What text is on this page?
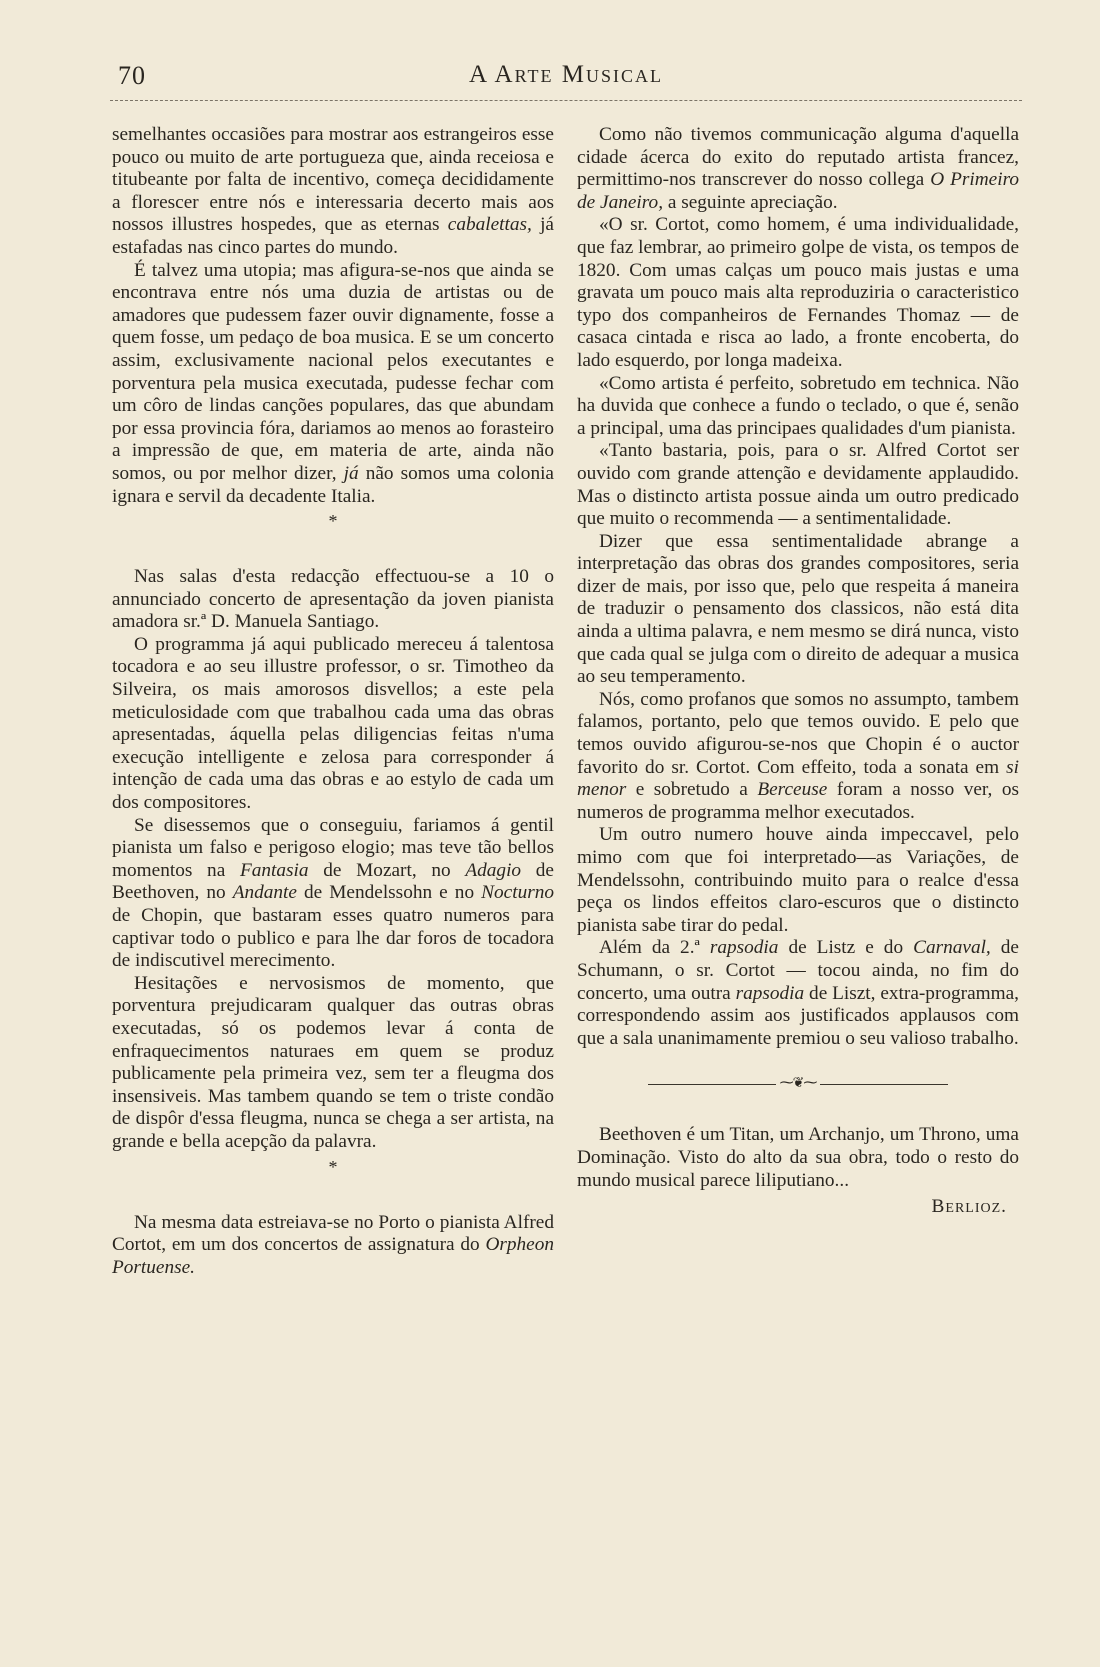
70	A Arte Musical

semelhantes occasiões para mostrar aos estrangeiros esse pouco ou muito de arte portugueza que, ainda receiosa e titubeante por falta de incentivo, começa decididamente a florescer entre nós e interessaria decerto mais aos nossos illustres hospedes, que as eternas cabalettas, já estafadas nas cinco partes do mundo.

É talvez uma utopia; mas afigura-se-nos que ainda se encontrava entre nós uma duzia de artistas ou de amadores que pudessem fazer ouvir dignamente, fosse a quem fosse, um pedaço de boa musica. E se um concerto assim, exclusivamente nacional pelos executantes e porventura pela musica executada, pudesse fechar com um côro de lindas canções populares, das que abundam por essa provincia fóra, dariamos ao menos ao forasteiro a impressão de que, em materia de arte, ainda não somos, ou por melhor dizer, já não somos uma colonia ignara e servil da decadente Italia.

*

Nas salas d'esta redacção effectuou-se a 10 o annunciado concerto de apresentação da joven pianista amadora sr.ª D. Manuela Santiago.

O programma já aqui publicado mereceu á talentosa tocadora e ao seu illustre professor, o sr. Timotheo da Silveira, os mais amorosos disvellos; a este pela meticulosidade com que trabalhou cada uma das obras apresentadas, áquella pelas diligencias feitas n'uma execução intelligente e zelosa para corresponder á intenção de cada uma das obras e ao estylo de cada um dos compositores.

Se disessemos que o conseguiu, fariamos á gentil pianista um falso e perigoso elogio; mas teve tão bellos momentos na Fantasia de Mozart, no Adagio de Beethoven, no Andante de Mendelssohn e no Nocturno de Chopin, que bastaram esses quatro numeros para captivar todo o publico e para lhe dar foros de tocadora de indiscutivel merecimento.

Hesitações e nervosismos de momento, que porventura prejudicaram qualquer das outras obras executadas, só os podemos levar á conta de enfraquecimentos naturaes em quem se produz publicamente pela primeira vez, sem ter a fleugma dos insensiveis. Mas tambem quando se tem o triste condão de dispôr d'essa fleugma, nunca se chega a ser artista, na grande e bella acepção da palavra.

*

Na mesma data estreiava-se no Porto o pianista Alfred Cortot, em um dos concertos de assignatura do Orpheon Portuense.

Como não tivemos communicação alguma d'aquella cidade ácerca do exito do reputado artista francez, permittimo-nos transcrever do nosso collega O Primeiro de Janeiro, a seguinte apreciação.

«O sr. Cortot, como homem, é uma individualidade, que faz lembrar, ao primeiro golpe de vista, os tempos de 1820. Com umas calças um pouco mais justas e uma gravata um pouco mais alta reproduziria o caracteristico typo dos companheiros de Fernandes Thomaz — de casaca cintada e risca ao lado, a fronte encoberta, do lado esquerdo, por longa madeixa.

«Como artista é perfeito, sobretudo em technica. Não ha duvida que conhece a fundo o teclado, o que é, senão a principal, uma das principaes qualidades d'um pianista.

«Tanto bastaria, pois, para o sr. Alfred Cortot ser ouvido com grande attenção e devidamente applaudido. Mas o distincto artista possue ainda um outro predicado que muito o recommenda — a sentimentalidade.

Dizer que essa sentimentalidade abrange a interpretação das obras dos grandes compositores, seria dizer de mais, por isso que, pelo que respeita á maneira de traduzir o pensamento dos classicos, não está dita ainda a ultima palavra, e nem mesmo se dirá nunca, visto que cada qual se julga com o direito de adequar a musica ao seu temperamento.

Nós, como profanos que somos no assumpto, tambem falamos, portanto, pelo que temos ouvido. E pelo que temos ouvido afigurou-se-nos que Chopin é o auctor favorito do sr. Cortot. Com effeito, toda a sonata em si menor e sobretudo a Berceuse foram a nosso ver, os numeros de programma melhor executados.

Um outro numero houve ainda impeccavel, pelo mimo com que foi interpretado—as Variações, de Mendelssohn, contribuindo muito para o realce d'essa peça os lindos effeitos claro-escuros que o distincto pianista sabe tirar do pedal.

Além da 2.ª rapsodia de Listz e do Carnaval, de Schumann, o sr. Cortot — tocou ainda, no fim do concerto, uma outra rapsodia de Liszt, extra-programma, correspondendo assim aos justificados applausos com que a sala unanimamente premiou o seu valioso trabalho.

⁓❦⁓

Beethoven é um Titan, um Archanjo, um Throno, uma Dominação. Visto do alto da sua obra, todo o resto do mundo musical parece liliputiano...

Berlioz.
